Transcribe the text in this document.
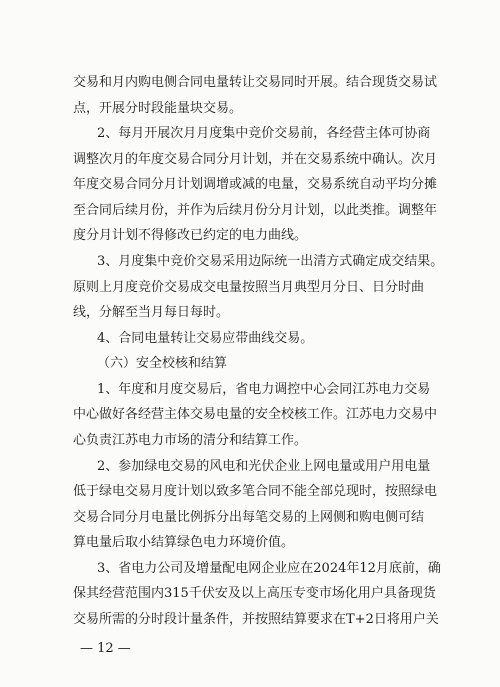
交易和月内购电侧合同电量转让交易同时开展。结合现货交易试
点，开展分时段能量块交易。
2、每月开展次月月度集中竞价交易前，各经营主体可协商
调整次月的年度交易合同分月计划，并在交易系统中确认。次月
年度交易合同分月计划调增或减的电量，交易系统自动平均分摊
至合同后续月份，并作为后续月份分月计划，以此类推。调整年
度分月计划不得修改已约定的电力曲线。
3、月度集中竞价交易采用边际统一出清方式确定成交结果。
原则上月度竞价交易成交电量按照当月典型月分日、日分时曲
线，分解至当月每日每时。
4、合同电量转让交易应带曲线交易。
（六）安全校核和结算
1、年度和月度交易后，省电力调控中心会同江苏电力交易
中心做好各经营主体交易电量的安全校核工作。江苏电力交易中
心负责江苏电力市场的清分和结算工作。
2、参加绿电交易的风电和光伏企业上网电量或用户用电量
低于绿电交易月度计划以致多笔合同不能全部兑现时，按照绿电
交易合同分月电量比例拆分出每笔交易的上网侧和购电侧可结
算电量后取小结算绿色电力环境价值。
3、省电力公司及增量配电网企业应在2024年12月底前，确
保其经营范围内315千伏安及以上高压专变市场化用户具备现货
交易所需的分时段计量条件，并按照结算要求在T+2日将用户关
— 12 —
